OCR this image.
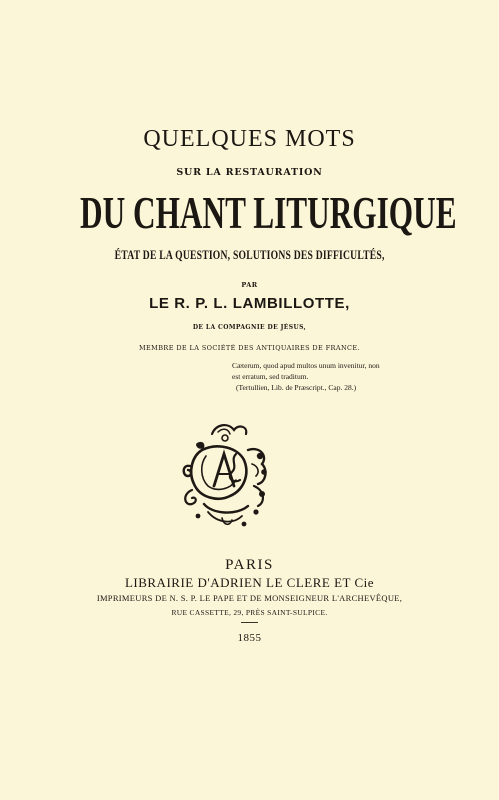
QUELQUES MOTS
SUR LA RESTAURATION
DU CHANT LITURGIQUE
ÉTAT DE LA QUESTION, SOLUTIONS DES DIFFICULTÉS,
PAR
LE R. P. L. LAMBILLOTTE,
DE LA COMPAGNIE DE JÉSUS,
MEMBRE DE LA SOCIÉTÉ DES ANTIQUAIRES DE FRANCE.
Cæterum, quod apud multos unum invenitur, non
est erratum, sed traditum.
(Tertullien, Lib. de Præscript., Cap. 28.)
PARIS
LIBRAIRIE D'ADRIEN LE CLERE ET Cie
IMPRIMEURS DE N. S. P. LE PAPE ET DE MONSEIGNEUR L'ARCHEVÊQUE,
RUE CASSETTE, 29, PRÈS SAINT-SULPICE.
1855
